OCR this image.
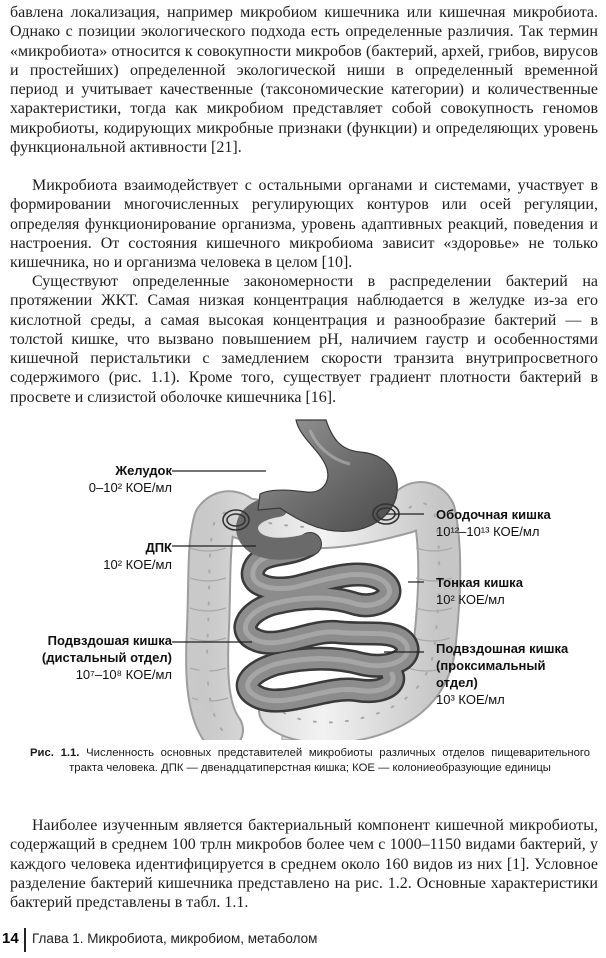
бавлена локализация, например микробиом кишечника или кишечная микробиота. Однако с позиции экологического подхода есть определенные различия. Так термин «микробиота» относится к совокупности микробов (бактерий, архей, грибов, вирусов и простейших) определенной экологической ниши в определенный временной период и учитывает качественные (таксономические категории) и количественные характеристики, тогда как микробиом представляет собой совокупность геномов микробиоты, кодирующих микробные признаки (функции) и определяющих уровень функциональной активности [21].

Микробиота взаимодействует с остальными органами и системами, участвует в формировании многочисленных регулирующих контуров или осей регуляции, определяя функционирование организма, уровень адаптивных реакций, поведения и настроения. От состояния кишечного микробиома зависит «здоровье» не только кишечника, но и организма человека в целом [10].

Существуют определенные закономерности в распределении бактерий на протяжении ЖКТ. Самая низкая концентрация наблюдается в желудке из-за его кислотной среды, а самая высокая концентрация и разнообразие бактерий — в толстой кишке, что вызвано повышением pH, наличием гаустр и особенностями кишечной перистальтики с замедлением скорости транзита внутрипросветного содержимого (рис. 1.1). Кроме того, существует градиент плотности бактерий в просвете и слизистой оболочке кишечника [16].

Желудок
0–10² КОЕ/мл
ДПК
10² КОЕ/мл
Подвздошая кишка
(дистальный отдел)
10⁷–10⁸ КОЕ/мл
Ободочная кишка
10¹²–10¹³ КОЕ/мл
Тонкая кишка
10² КОЕ/мл
Подвздошная кишка
(проксимальный
отдел)
10³ КОЕ/мл

Рис. 1.1. Численность основных представителей микробиоты различных отделов пищеварительного тракта человека. ДПК — двенадцатиперстная кишка; КОЕ — колониеобразующие единицы

Наиболее изученным является бактериальный компонент кишечной микробиоты, содержащий в среднем 100 трлн микробов более чем с 1000–1150 видами бактерий, у каждого человека идентифицируется в среднем около 160 видов из них [1]. Условное разделение бактерий кишечника представлено на рис. 1.2. Основные характеристики бактерий представлены в табл. 1.1.

14 Глава 1. Микробиота, микробиом, метаболом
